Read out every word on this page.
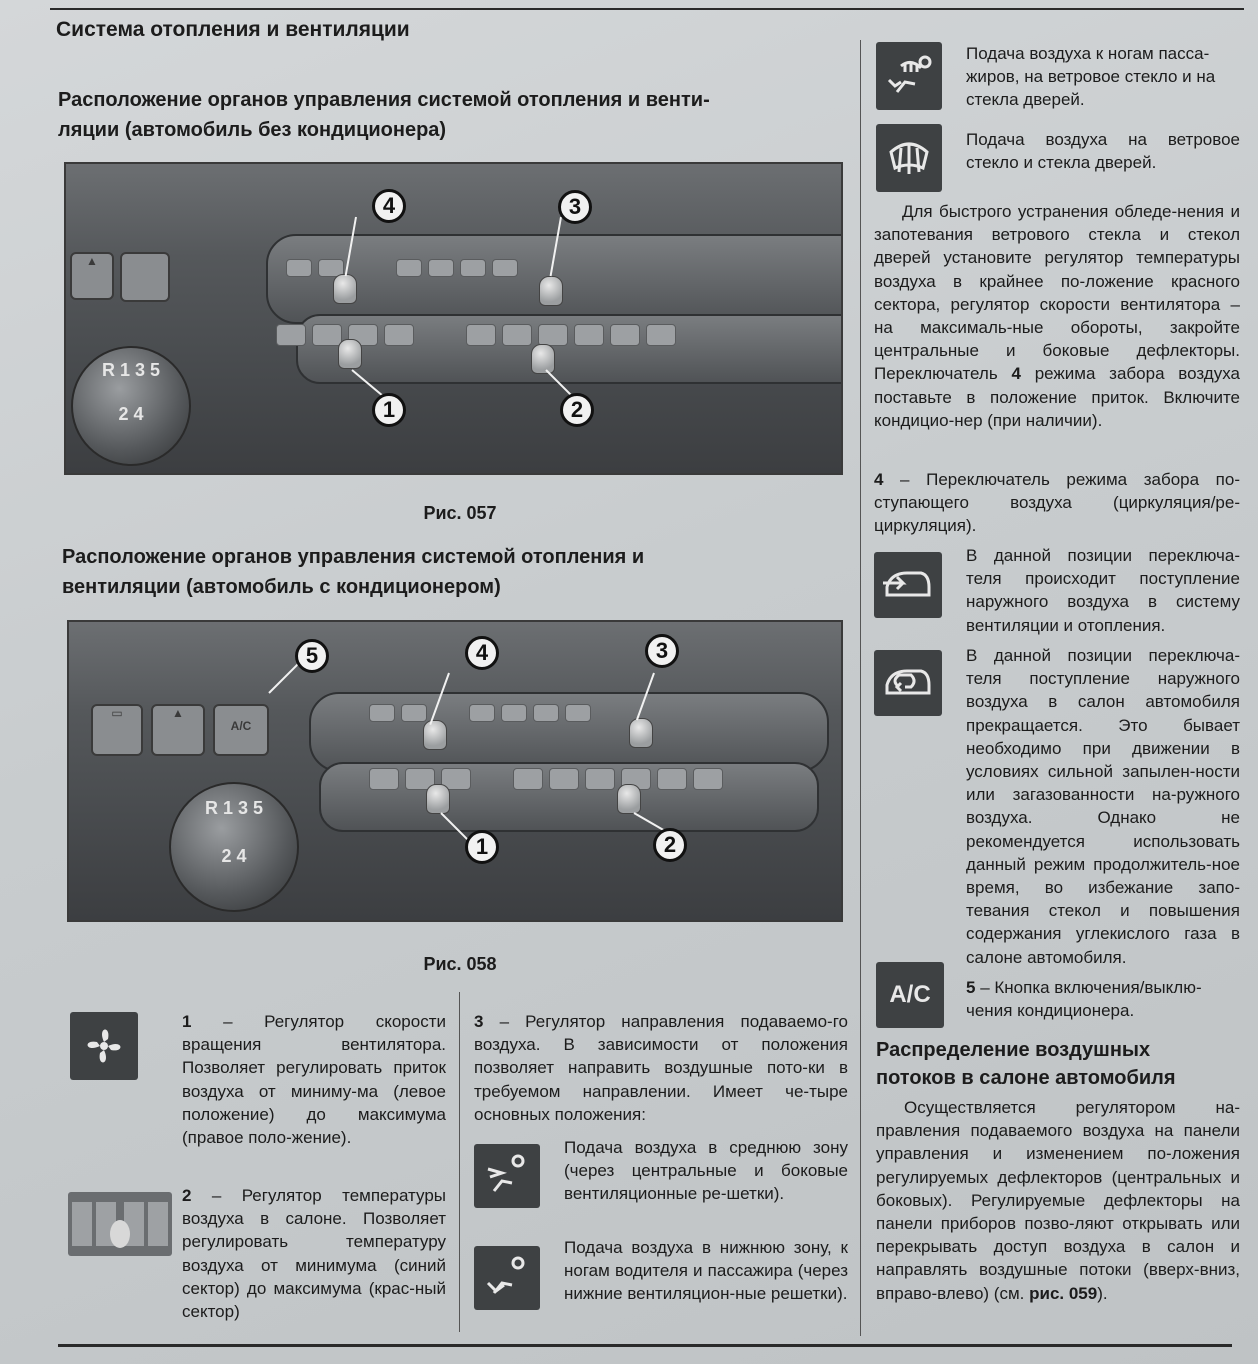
Система отопления и вентиляции
Расположение органов управления системой отопления и венти-
ляции (автомобиль без кондиционера)
▲
R 1 3 5
2 4
4	3
1	2
Рис. 057
Расположение органов управления системой отопления и
вентиляции (автомобиль с кондиционером)
▭	▲
A/C
R 1 3 5
2 4
5	4	3
1	2
Рис. 058
1 – Регулятор скорости вращения вентилятора. Позволяет регулировать приток воздуха от миниму-ма (левое положение) до максимума (правое поло-жение).
2 – Регулятор температуры воздуха в салоне. Позволяет регулировать температуру воздуха от минимума (синий сектор) до максимума (крас-ный сектор)
3 – Регулятор направления подаваемо-го воздуха. В зависимости от положения позволяет направить воздушные пото-ки в требуемом направлении. Имеет че-тыре основных положения:
Подача воздуха в среднюю зону (через центральные и боковые вентиляционные ре-шетки).
Подача воздуха в нижнюю зону, к ногам водителя и пассажира (через нижние вентиляцион-ные решетки).
Подача воздуха к ногам пасса-жиров, на ветровое стекло и на стекла дверей.
Подача воздуха на ветровое стекло и стекла дверей.
Для быстрого устранения обледе-нения и запотевания ветрового стекла и стекол дверей установите регулятор температуры воздуха в крайнее по-ложение красного сектора, регулятор скорости вентилятора – на максималь-ные обороты, закройте центральные и боковые дефлекторы. Переключатель 4 режима забора воздуха поставьте в положение приток. Включите кондицио-нер (при наличии).
4 – Переключатель режима забора по-ступающего воздуха (циркуляция/ре-циркуляция).
В данной позиции переключа-теля происходит поступление наружного воздуха в систему вентиляции и отопления.
В данной позиции переключа-теля поступление наружного воздуха в салон автомобиля прекращается. Это бывает необходимо при движении в условиях сильной запылен-ности или загазованности на-ружного воздуха. Однако не рекомендуется использовать данный режим продолжитель-ное время, во избежание запо-тевания стекол и повышения содержания углекислого газа в салоне автомобиля.
A/C	5 – Кнопка включения/выклю-чения кондиционера.
Распределение воздушных
потоков в салоне автомобиля
Осуществляется регулятором на-правления подаваемого воздуха на панели управления и изменением по-ложения регулируемых дефлекторов (центральных и боковых). Регулируемые дефлекторы на панели приборов позво-ляют открывать или перекрывать доступ воздуха в салон и направлять воздушные потоки (вверх-вниз, вправо-влево) (см. рис. 059).
